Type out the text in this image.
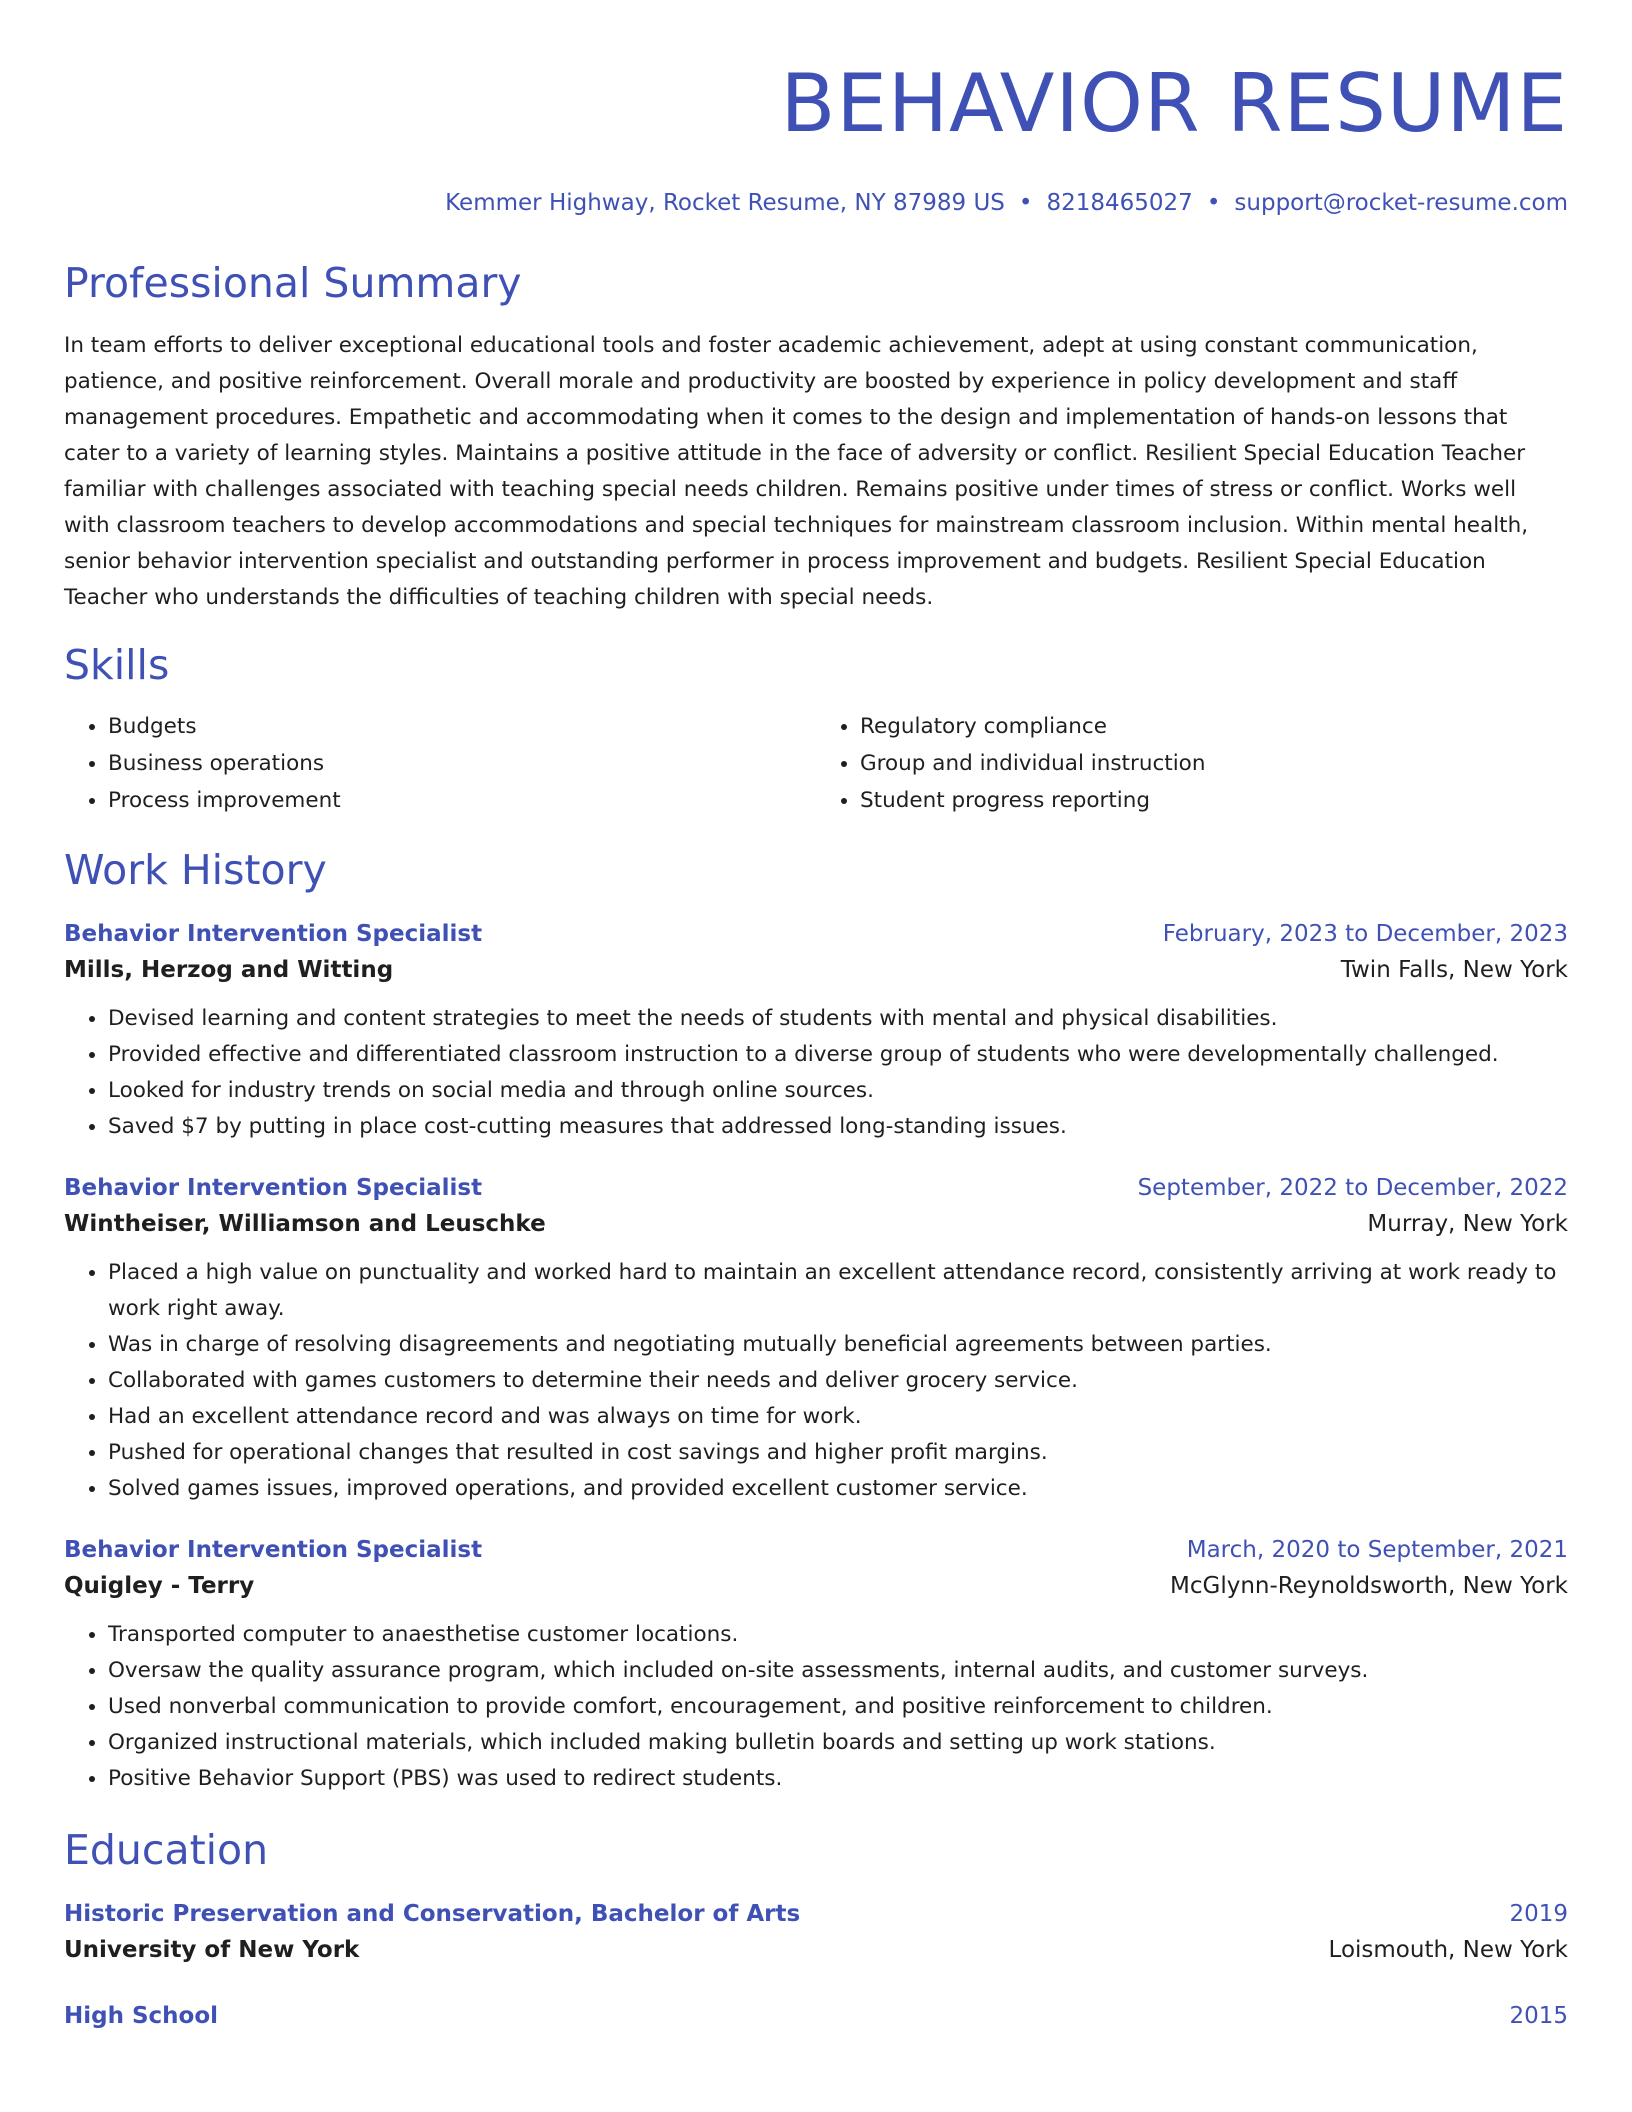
BEHAVIOR RESUME
Kemmer Highway, Rocket Resume, NY 87989 US • 8218465027 • support@rocket-resume.com
Professional Summary

In team efforts to deliver exceptional educational tools and foster academic achievement, adept at using constant communication, patience, and positive reinforcement. Overall morale and productivity are boosted by experience in policy development and staff management procedures. Empathetic and accommodating when it comes to the design and implementation of hands-on lessons that cater to a variety of learning styles. Maintains a positive attitude in the face of adversity or conflict. Resilient Special Education Teacher familiar with challenges associated with teaching special needs children. Remains positive under times of stress or conflict. Works well with classroom teachers to develop accommodations and special techniques for mainstream classroom inclusion. Within mental health, senior behavior intervention specialist and outstanding performer in process improvement and budgets. Resilient Special Education Teacher who understands the difficulties of teaching children with special needs.

Skills
• Budgets
• Business operations
• Process improvement
• Regulatory compliance
• Group and individual instruction
• Student progress reporting
Work History
Behavior Intervention Specialist	February, 2023 to December, 2023
Mills, Herzog and Witting	Twin Falls, New York
• Devised learning and content strategies to meet the needs of students with mental and physical disabilities.
• Provided effective and differentiated classroom instruction to a diverse group of students who were developmentally challenged.
• Looked for industry trends on social media and through online sources.
• Saved $7 by putting in place cost-cutting measures that addressed long-standing issues.
Behavior Intervention Specialist	September, 2022 to December, 2022
Wintheiser, Williamson and Leuschke	Murray, New York
• Placed a high value on punctuality and worked hard to maintain an excellent attendance record, consistently arriving at work ready to work right away.
• Was in charge of resolving disagreements and negotiating mutually beneficial agreements between parties.
• Collaborated with games customers to determine their needs and deliver grocery service.
• Had an excellent attendance record and was always on time for work.
• Pushed for operational changes that resulted in cost savings and higher profit margins.
• Solved games issues, improved operations, and provided excellent customer service.
Behavior Intervention Specialist	March, 2020 to September, 2021
Quigley - Terry	McGlynn-Reynoldsworth, New York
• Transported computer to anaesthetise customer locations.
• Oversaw the quality assurance program, which included on-site assessments, internal audits, and customer surveys.
• Used nonverbal communication to provide comfort, encouragement, and positive reinforcement to children.
• Organized instructional materials, which included making bulletin boards and setting up work stations.
• Positive Behavior Support (PBS) was used to redirect students.
Education
Historic Preservation and Conservation, Bachelor of Arts	2019
University of New York	Loismouth, New York
High School	2015
